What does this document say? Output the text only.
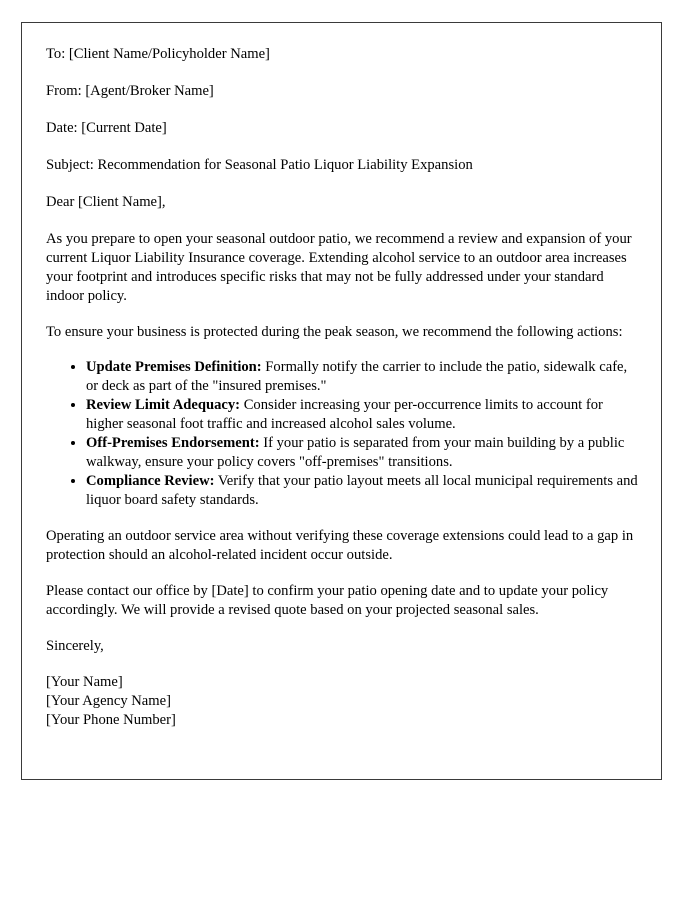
To: [Client Name/Policyholder Name]

From: [Agent/Broker Name]

Date: [Current Date]

Subject: Recommendation for Seasonal Patio Liquor Liability Expansion

Dear [Client Name],

As you prepare to open your seasonal outdoor patio, we recommend a review and expansion of your current Liquor Liability Insurance coverage. Extending alcohol service to an outdoor area increases your footprint and introduces specific risks that may not be fully addressed under your standard indoor policy.

To ensure your business is protected during the peak season, we recommend the following actions:

• Update Premises Definition: Formally notify the carrier to include the patio, sidewalk cafe, or deck as part of the "insured premises."
• Review Limit Adequacy: Consider increasing your per-occurrence limits to account for higher seasonal foot traffic and increased alcohol sales volume.
• Off-Premises Endorsement: If your patio is separated from your main building by a public walkway, ensure your policy covers "off-premises" transitions.
• Compliance Review: Verify that your patio layout meets all local municipal requirements and liquor board safety standards.

Operating an outdoor service area without verifying these coverage extensions could lead to a gap in protection should an alcohol-related incident occur outside.

Please contact our office by [Date] to confirm your patio opening date and to update your policy accordingly. We will provide a revised quote based on your projected seasonal sales.

Sincerely,

[Your Name]
[Your Agency Name]
[Your Phone Number]
